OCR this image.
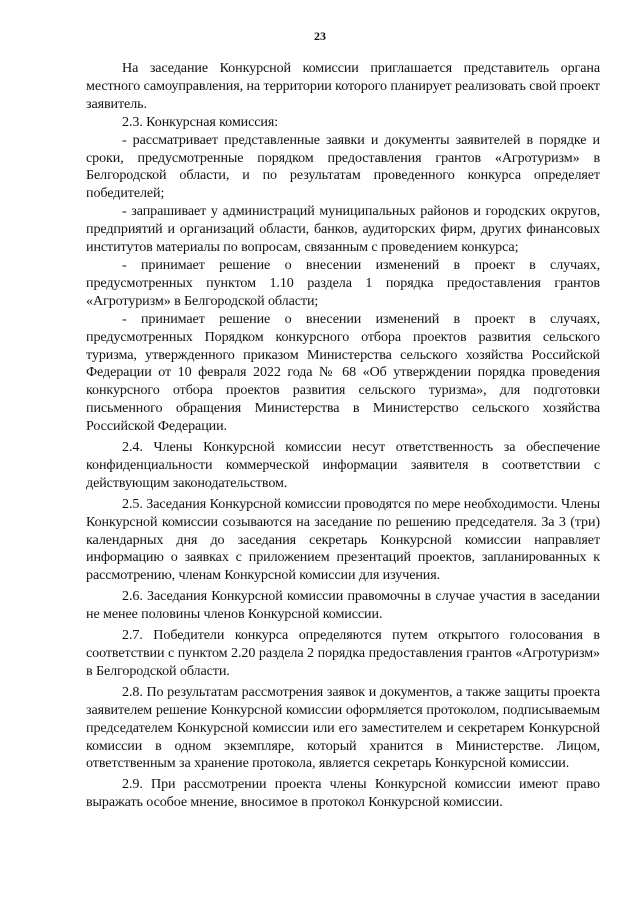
23

На заседание Конкурсной комиссии приглашается представитель органа местного самоуправления, на территории которого планирует реализовать свой проект заявитель.

2.3. Конкурсная комиссия:

- рассматривает представленные заявки и документы заявителей в порядке и сроки, предусмотренные порядком предоставления грантов «Агротуризм» в Белгородской области, и по результатам проведенного конкурса определяет победителей;

- запрашивает у администраций муниципальных районов и городских округов, предприятий и организаций области, банков, аудиторских фирм, других финансовых институтов материалы по вопросам, связанным с проведением конкурса;

- принимает решение о внесении изменений в проект в случаях, предусмотренных пунктом 1.10 раздела 1 порядка предоставления грантов «Агротуризм» в Белгородской области;

- принимает решение о внесении изменений в проект в случаях, предусмотренных Порядком конкурсного отбора проектов развития сельского туризма, утвержденного приказом Министерства сельского хозяйства Российской Федерации от 10 февраля 2022 года № 68 «Об утверждении порядка проведения конкурсного отбора проектов развития сельского туризма», для подготовки письменного обращения Министерства в Министерство сельского хозяйства Российской Федерации.

2.4. Члены Конкурсной комиссии несут ответственность за обеспечение конфиденциальности коммерческой информации заявителя в соответствии с действующим законодательством.

2.5. Заседания Конкурсной комиссии проводятся по мере необходимости. Члены Конкурсной комиссии созываются на заседание по решению председателя. За 3 (три) календарных дня до заседания секретарь Конкурсной комиссии направляет информацию о заявках с приложением презентаций проектов, запланированных к рассмотрению, членам Конкурсной комиссии для изучения.

2.6. Заседания Конкурсной комиссии правомочны в случае участия в заседании не менее половины членов Конкурсной комиссии.

2.7. Победители конкурса определяются путем открытого голосования в соответствии с пунктом 2.20 раздела 2 порядка предоставления грантов «Агротуризм» в Белгородской области.

2.8. По результатам рассмотрения заявок и документов, а также защиты проекта заявителем решение Конкурсной комиссии оформляется протоколом, подписываемым председателем Конкурсной комиссии или его заместителем и секретарем Конкурсной комиссии в одном экземпляре, который хранится в Министерстве. Лицом, ответственным за хранение протокола, является секретарь Конкурсной комиссии.

2.9. При рассмотрении проекта члены Конкурсной комиссии имеют право выражать особое мнение, вносимое в протокол Конкурсной комиссии.
